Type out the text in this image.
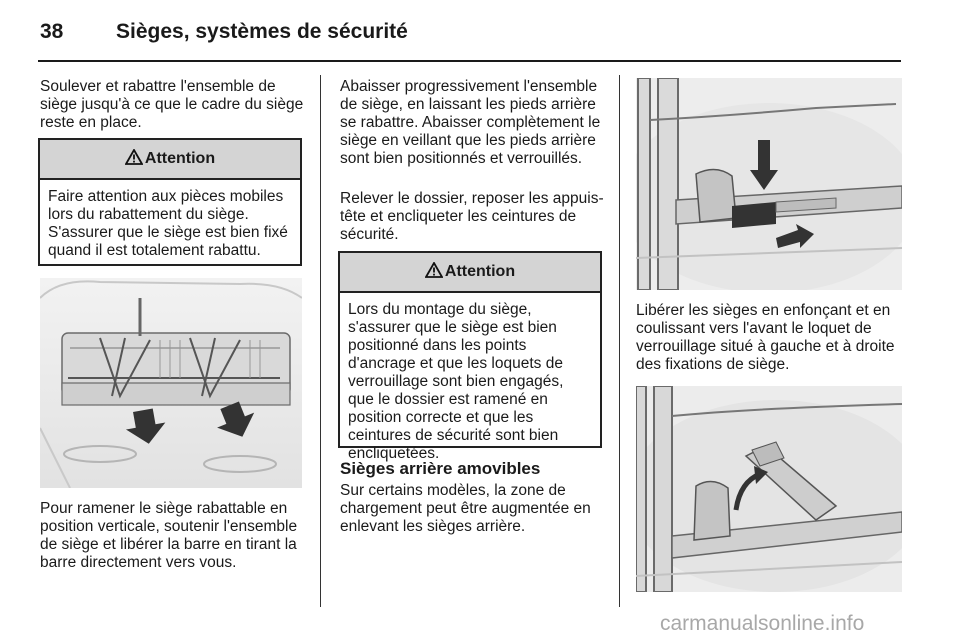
38	Sièges, systèmes de sécurité

Soulever et rabattre l'ensemble de siège jusqu'à ce que le cadre du siège reste en place.

Attention

Faire attention aux pièces mobiles lors du rabattement du siège. S'assurer que le siège est bien fixé quand il est totalement rabattu.

Pour ramener le siège rabattable en position verticale, soutenir l'ensemble de siège et libérer la barre en tirant la barre directement vers vous.

Abaisser progressivement l'ensemble de siège, en laissant les pieds arrière se rabattre. Abaisser complètement le siège en veillant que les pieds arrière sont bien positionnés et verrouillés.

Relever le dossier, reposer les appuis-tête et encliqueter les ceintures de sécurité.

Attention

Lors du montage du siège, s'assurer que le siège est bien positionné dans les points d'ancrage et que les loquets de verrouillage sont bien engagés, que le dossier est ramené en position correcte et que les ceintures de sécurité sont bien encliquetées.

Sièges arrière amovibles

Sur certains modèles, la zone de chargement peut être augmentée en enlevant les sièges arrière.

Libérer les sièges en enfonçant et en coulissant vers l'avant le loquet de verrouillage situé à gauche et à droite des fixations de siège.

carmanualsonline.info
